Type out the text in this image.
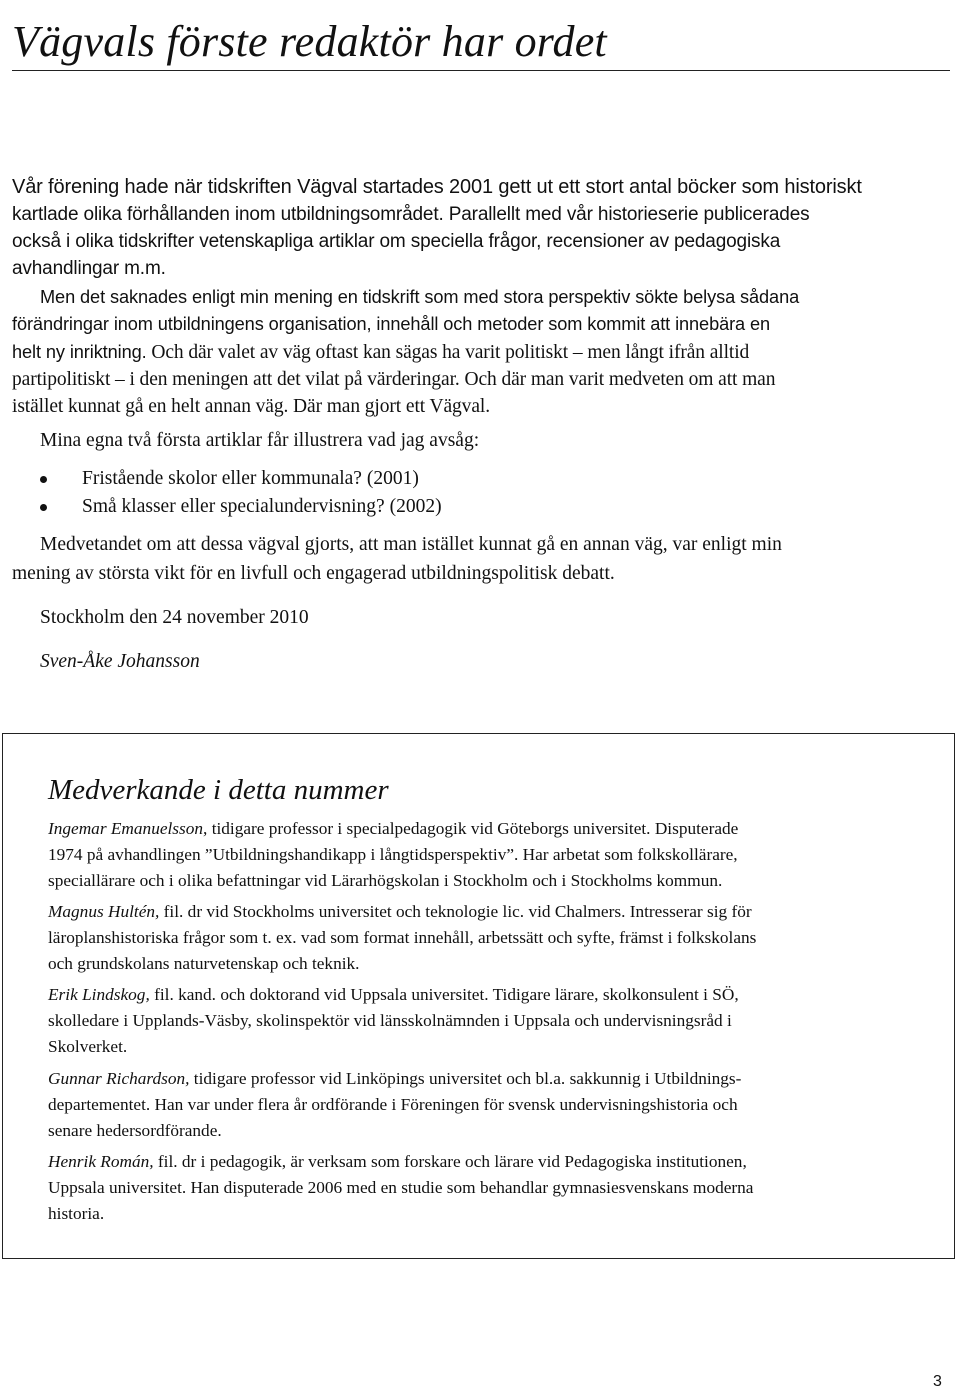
Vägvals förste redaktör har ordet

Vår förening hade när tidskriften Vägval startades 2001 gett ut ett stort antal böcker som historiskt
kartlade olika förhållanden inom utbildningsområdet. Parallellt med vår historieserie publicerades
också i olika tidskrifter vetenskapliga artiklar om speciella frågor, recensioner av pedagogiska
avhandlingar m.m.

Men det saknades enligt min mening en tidskrift som med stora perspektiv sökte belysa sådana
förändringar inom utbildningens organisation, innehåll och metoder som kommit att innebära en
helt ny inriktning. Och där valet av väg oftast kan sägas ha varit politiskt – men långt ifrån alltid
partipolitiskt – i den meningen att det vilat på värderingar. Och där man varit medveten om att man
istället kunnat gå en helt annan väg. Där man gjort ett Vägval.

Mina egna två första artiklar får illustrera vad jag avsåg:

Fristående skolor eller kommunala? (2001)
Små klasser eller specialundervisning? (2002)

Medvetandet om att dessa vägval gjorts, att man istället kunnat gå en annan väg, var enligt min
mening av största vikt för en livfull och engagerad utbildningspolitisk debatt.

Stockholm den 24 november 2010

Sven-Åke Johansson

Medverkande i detta nummer

Ingemar Emanuelsson, tidigare professor i specialpedagogik vid Göteborgs universitet. Disputerade
1974 på avhandlingen ”Utbildningshandikapp i långtidsperspektiv”. Har arbetat som folkskollärare,
speciallärare och i olika befattningar vid Lärarhögskolan i Stockholm och i Stockholms kommun.

Magnus Hultén, fil. dr vid Stockholms universitet och teknologie lic. vid Chalmers. Intresserar sig för
läroplanshistoriska frågor som t. ex. vad som format innehåll, arbetssätt och syfte, främst i folkskolans
och grundskolans naturvetenskap och teknik.

Erik Lindskog, fil. kand. och doktorand vid Uppsala universitet. Tidigare lärare, skolkonsulent i SÖ,
skolledare i Upplands-Väsby, skolinspektör vid länsskolnämnden i Uppsala och undervisningsråd i
Skolverket.

Gunnar Richardson, tidigare professor vid Linköpings universitet och bl.a. sakkunnig i Utbildnings-
departementet. Han var under flera år ordförande i Föreningen för svensk undervisningshistoria och
senare hedersordförande.

Henrik Román, fil. dr i pedagogik, är verksam som forskare och lärare vid Pedagogiska institutionen,
Uppsala universitet. Han disputerade 2006 med en studie som behandlar gymnasiesvenskans moderna
historia.

3
